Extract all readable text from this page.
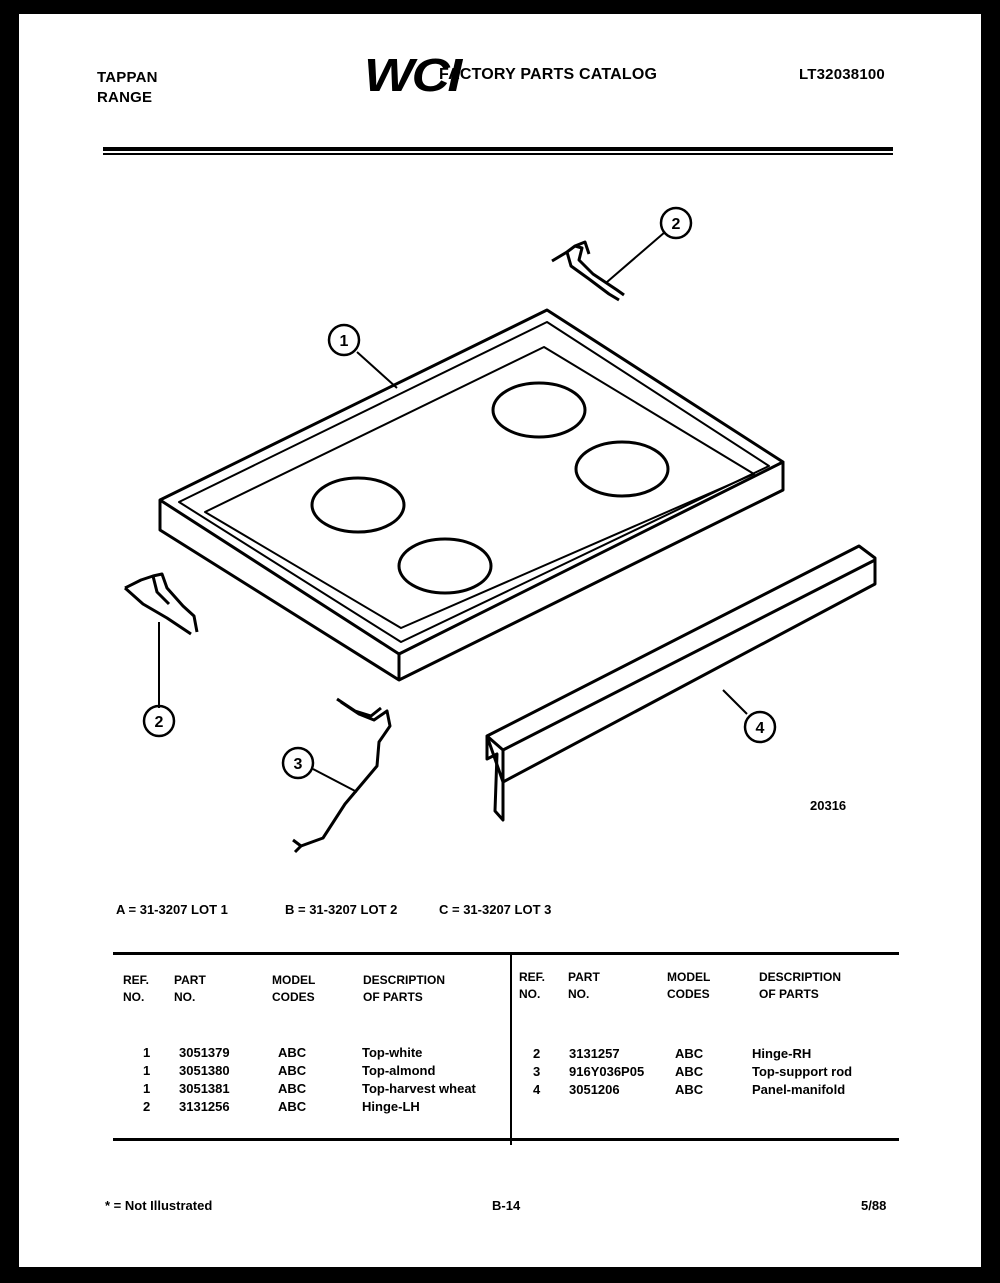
TAPPAN
RANGE	WCI
FACTORY PARTS CATALOG	LT32038100
1
2
2
3
4
20316
A = 31-3207 LOT 1	B = 31-3207 LOT 2	C = 31-3207 LOT 3
REF.
NO.
PART
NO.
MODEL
CODES
DESCRIPTION
OF PARTS
REF.
NO.
PART
NO.
MODEL
CODES
DESCRIPTION
OF PARTS
1 3051379	ABC	Top-white
1 3051380	ABC	Top-almond
1 3051381	ABC	Top-harvest wheat
2 3131256	ABC	Hinge-LH
2 3131257	ABC	Hinge-RH
3 916Y036P05 ABC	Top-support rod
4 3051206	ABC	Panel-manifold
* = Not Illustrated	B-14	5/88
